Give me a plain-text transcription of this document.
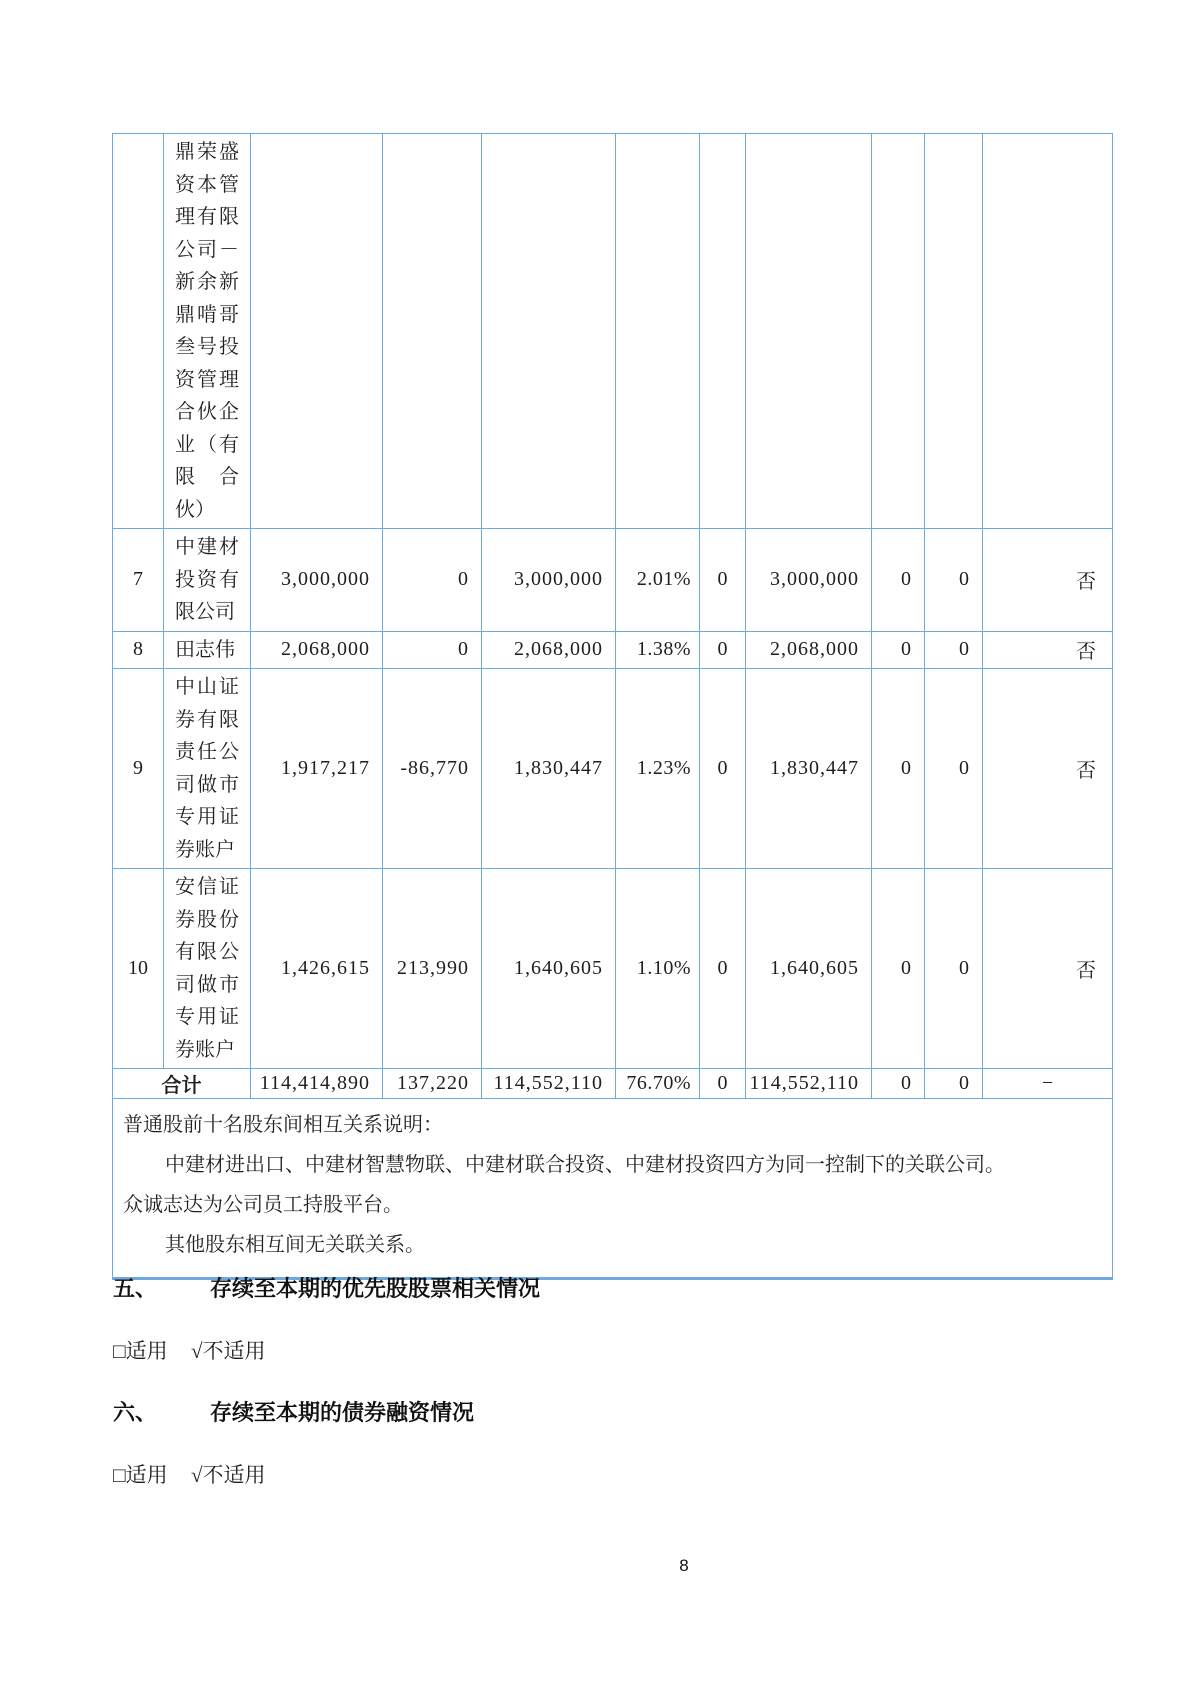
	鼎荣盛资本管理有限公司－新余新鼎啃哥叁号投资管理合伙企业（有限合伙）									
7	中建材投资有限公司	3,000,000	0	3,000,000	2.01%	0	3,000,000	0	0	否
8	田志伟	2,068,000	0	2,068,000	1.38%	0	2,068,000	0	0	否
9	中山证券有限责任公司做市专用证券账户	1,917,217	-86,770	1,830,447	1.23%	0	1,830,447	0	0	否
10	安信证券股份有限公司做市专用证券账户	1,426,615	213,990	1,640,605	1.10%	0	1,640,605	0	0	否
合计		114,414,890	137,220	114,552,110	76.70%	0	114,552,110	0	0	−

普通股前十名股东间相互关系说明：
中建材进出口、中建材智慧物联、中建材联合投资、中建材投资四方为同一控制下的关联公司。
众诚志达为公司员工持股平台。
其他股东相互间无关联关系。										
五、	存续至本期的优先股股票相关情况
□适用 √不适用
六、	存续至本期的债券融资情况
□适用 √不适用
8
